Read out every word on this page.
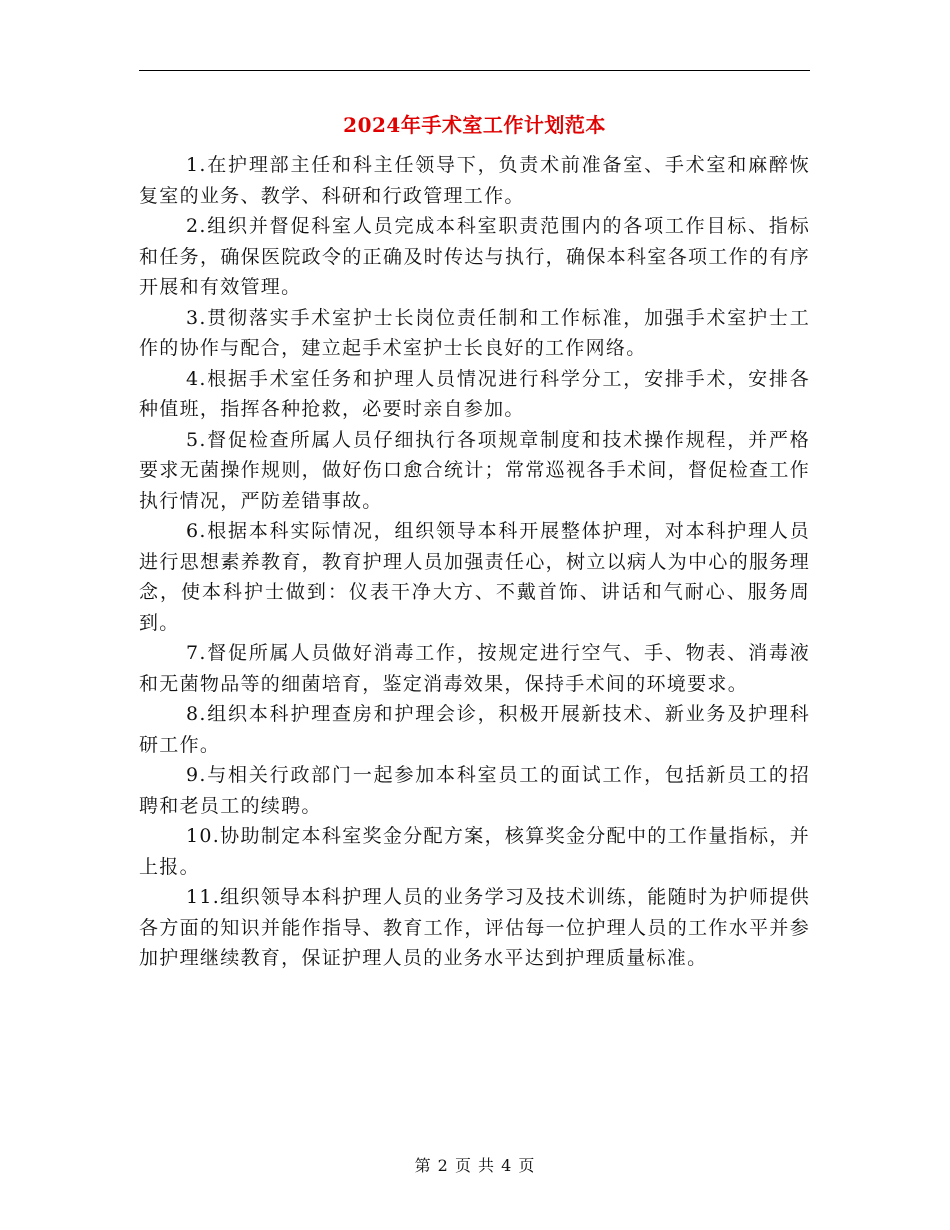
2024年手术室工作计划范本

1.在护理部主任和科主任领导下，负责术前准备室、手术室和麻醉恢复室的业务、教学、科研和行政管理工作。

2.组织并督促科室人员完成本科室职责范围内的各项工作目标、指标和任务，确保医院政令的正确及时传达与执行，确保本科室各项工作的有序开展和有效管理。

3.贯彻落实手术室护士长岗位责任制和工作标准，加强手术室护士工作的协作与配合，建立起手术室护士长良好的工作网络。

4.根据手术室任务和护理人员情况进行科学分工，安排手术，安排各种值班，指挥各种抢救，必要时亲自参加。

5.督促检查所属人员仔细执行各项规章制度和技术操作规程，并严格要求无菌操作规则，做好伤口愈合统计；常常巡视各手术间，督促检查工作执行情况，严防差错事故。

6.根据本科实际情况，组织领导本科开展整体护理，对本科护理人员进行思想素养教育，教育护理人员加强责任心，树立以病人为中心的服务理念，使本科护士做到：仪表干净大方、不戴首饰、讲话和气耐心、服务周到。

7.督促所属人员做好消毒工作，按规定进行空气、手、物表、消毒液和无菌物品等的细菌培育，鉴定消毒效果，保持手术间的环境要求。

8.组织本科护理查房和护理会诊，积极开展新技术、新业务及护理科研工作。

9.与相关行政部门一起参加本科室员工的面试工作，包括新员工的招聘和老员工的续聘。

10.协助制定本科室奖金分配方案，核算奖金分配中的工作量指标，并上报。

11.组织领导本科护理人员的业务学习及技术训练，能随时为护师提供各方面的知识并能作指导、教育工作，评估每一位护理人员的工作水平并参加护理继续教育，保证护理人员的业务水平达到护理质量标准。

第 2 页 共 4 页
